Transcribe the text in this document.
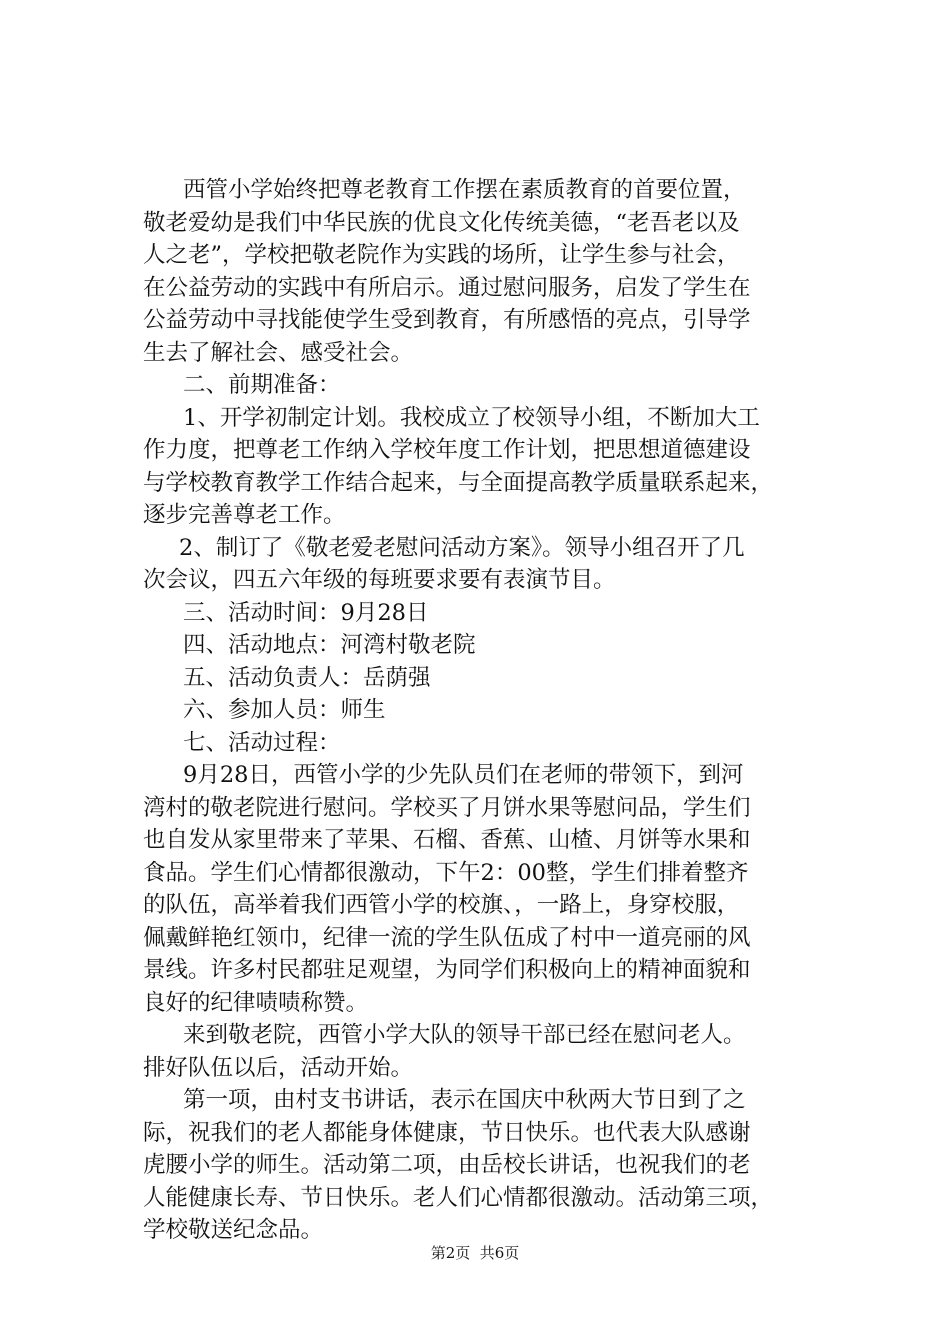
西管小学始终把尊老教育工作摆在素质教育的首要位置，
敬老爱幼是我们中华民族的优良文化传统美德，“老吾老以及
人之老”，学校把敬老院作为实践的场所，让学生参与社会，
在公益劳动的实践中有所启示。通过慰问服务，启发了学生在
公益劳动中寻找能使学生受到教育，有所感悟的亮点，引导学
生去了解社会、感受社会。
二、前期准备：
1、开学初制定计划。我校成立了校领导小组，不断加大工
作力度，把尊老工作纳入学校年度工作计划，把思想道德建设
与学校教育教学工作结合起来，与全面提高教学质量联系起来，
逐步完善尊老工作。
2、制订了《敬老爱老慰问活动方案》。领导小组召开了几
次会议，四五六年级的每班要求要有表演节目。
三、活动时间：9月28日
四、活动地点：河湾村敬老院
五、活动负责人：岳荫强
六、参加人员：师生
七、活动过程：
9月28日，西管小学的少先队员们在老师的带领下，到河
湾村的敬老院进行慰问。学校买了月饼水果等慰问品，学生们
也自发从家里带来了苹果、石榴、香蕉、山楂、月饼等水果和
食品。学生们心情都很激动，下午2：00整，学生们排着整齐
的队伍，高举着我们西管小学的校旗、，一路上，身穿校服，
佩戴鲜艳红领巾，纪律一流的学生队伍成了村中一道亮丽的风
景线。许多村民都驻足观望，为同学们积极向上的精神面貌和
良好的纪律啧啧称赞。
来到敬老院，西管小学大队的领导干部已经在慰问老人。
排好队伍以后，活动开始。
第一项，由村支书讲话，表示在国庆中秋两大节日到了之
际，祝我们的老人都能身体健康，节日快乐。也代表大队感谢
虎腰小学的师生。活动第二项，由岳校长讲话，也祝我们的老
人能健康长寿、节日快乐。老人们心情都很激动。活动第三项，
学校敬送纪念品。
第2页  共6页
